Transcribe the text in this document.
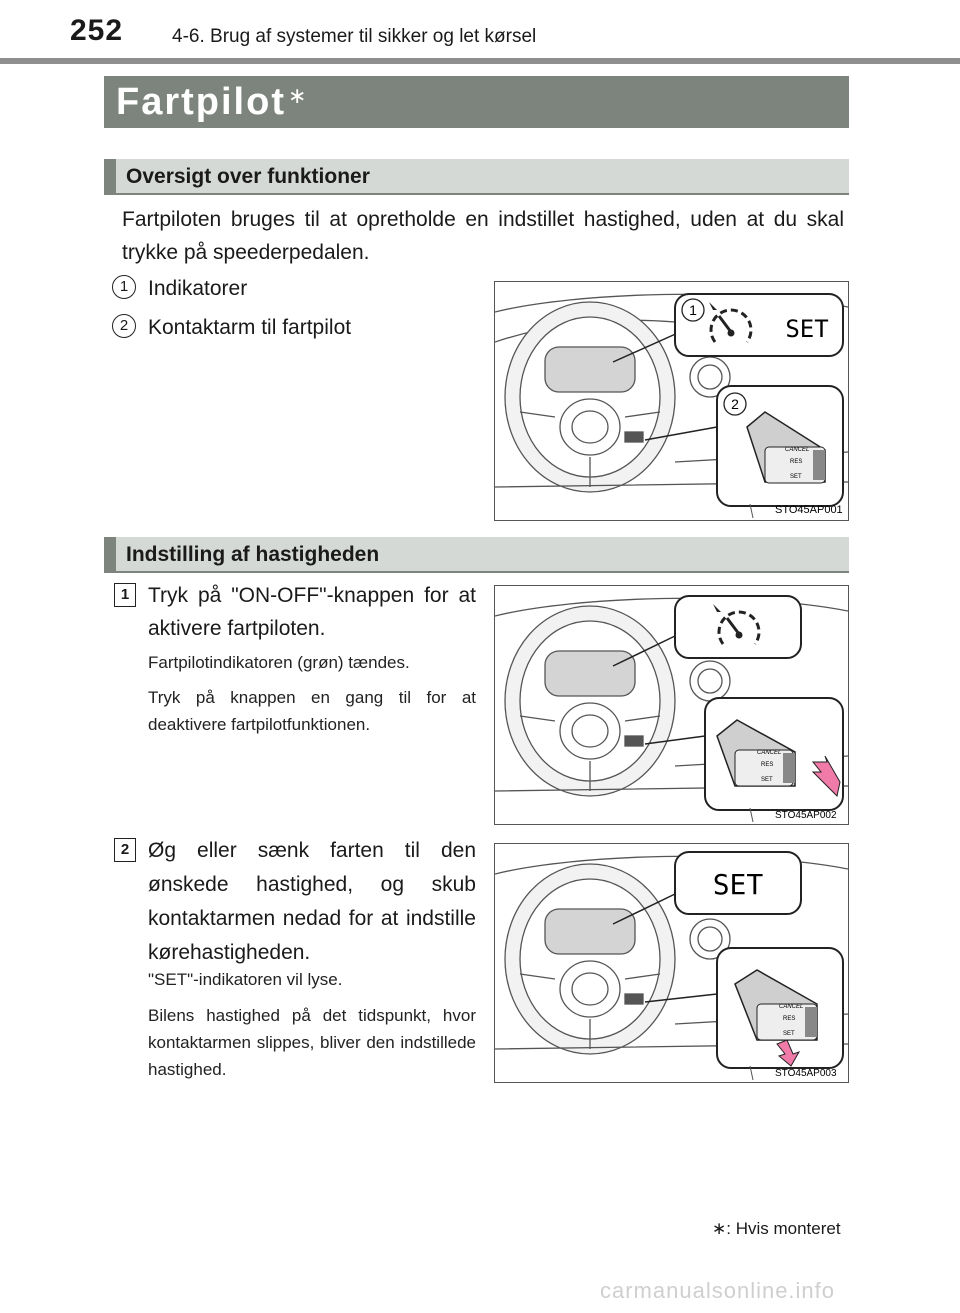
252	4-6. Brug af systemer til sikker og let kørsel
Fartpilot∗
Oversigt over funktioner
Fartpiloten bruges til at opretholde en indstillet hastighed, uden at du skal trykke på speederpedalen.
1 Indikatorer
2 Kontaktarm til fartpilot
1
SET
2
CANCEL
RES
SET
STO45AP001
Indstilling af hastigheden
1 Tryk på "ON-OFF"-knappen for at aktivere fartpiloten.
Fartpilotindikatoren (grøn) tændes.
Tryk på knappen en gang til for at deaktivere fartpilotfunktionen.
CANCEL
RES
SET
STO45AP002
2 Øg eller sænk farten til den ønskede hastighed, og skub kontaktarmen nedad for at indstille kørehastigheden.
"SET"-indikatoren vil lyse.
Bilens hastighed på det tidspunkt, hvor kontaktarmen slippes, bliver den indstillede hastighed.
SET
CANCEL
RES
SET
STO45AP003
∗: Hvis monteret
carmanualsonline.info
